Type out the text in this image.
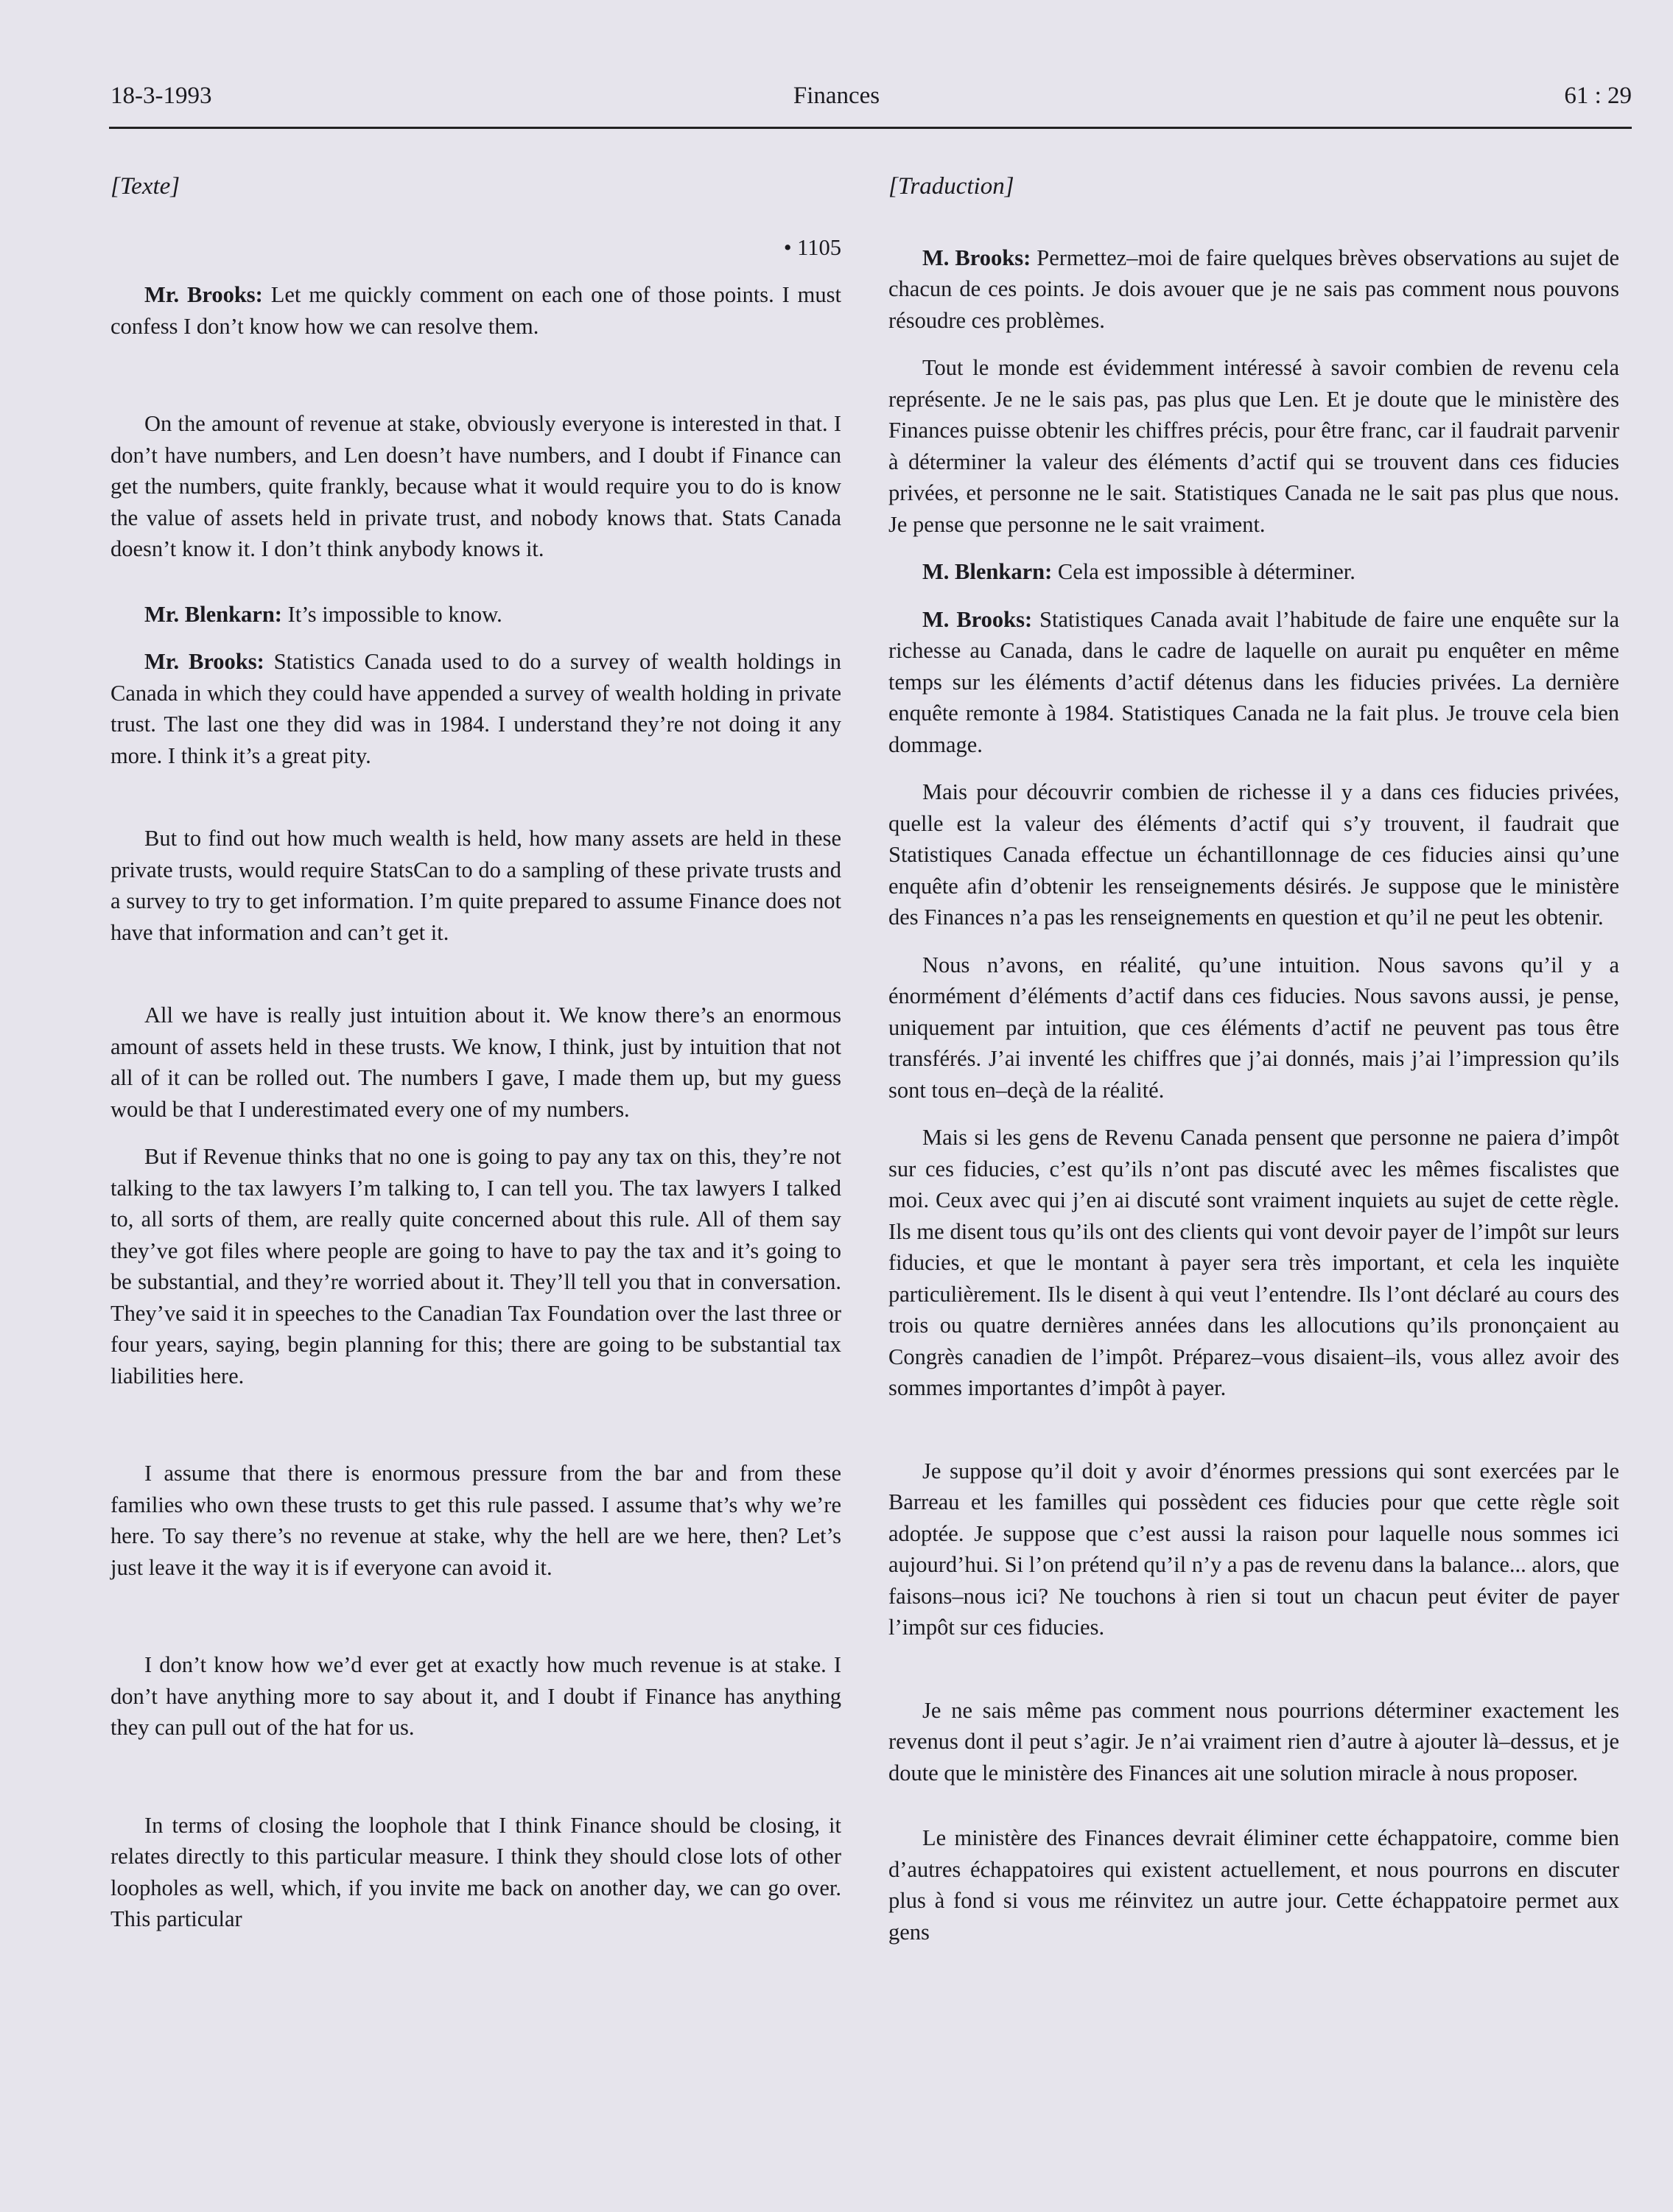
18-3-1993	Finances	61 : 29
[Texte]
• 1105

Mr. Brooks: Let me quickly comment on each one of those points. I must confess I don’t know how we can resolve them.

On the amount of revenue at stake, obviously everyone is interested in that. I don’t have numbers, and Len doesn’t have numbers, and I doubt if Finance can get the numbers, quite frankly, because what it would require you to do is know the value of assets held in private trust, and nobody knows that. Stats Canada doesn’t know it. I don’t think anybody knows it.

Mr. Blenkarn: It’s impossible to know.

Mr. Brooks: Statistics Canada used to do a survey of wealth holdings in Canada in which they could have appended a survey of wealth holding in private trust. The last one they did was in 1984. I understand they’re not doing it any more. I think it’s a great pity.

But to find out how much wealth is held, how many assets are held in these private trusts, would require StatsCan to do a sampling of these private trusts and a survey to try to get information. I’m quite prepared to assume Finance does not have that information and can’t get it.

All we have is really just intuition about it. We know there’s an enormous amount of assets held in these trusts. We know, I think, just by intuition that not all of it can be rolled out. The numbers I gave, I made them up, but my guess would be that I underestimated every one of my numbers.

But if Revenue thinks that no one is going to pay any tax on this, they’re not talking to the tax lawyers I’m talking to, I can tell you. The tax lawyers I talked to, all sorts of them, are really quite concerned about this rule. All of them say they’ve got files where people are going to have to pay the tax and it’s going to be substantial, and they’re worried about it. They’ll tell you that in conversation. They’ve said it in speeches to the Canadian Tax Foundation over the last three or four years, saying, begin planning for this; there are going to be substantial tax liabilities here.

I assume that there is enormous pressure from the bar and from these families who own these trusts to get this rule passed. I assume that’s why we’re here. To say there’s no revenue at stake, why the hell are we here, then? Let’s just leave it the way it is if everyone can avoid it.

I don’t know how we’d ever get at exactly how much revenue is at stake. I don’t have anything more to say about it, and I doubt if Finance has anything they can pull out of the hat for us.

In terms of closing the loophole that I think Finance should be closing, it relates directly to this particular measure. I think they should close lots of other loopholes as well, which, if you invite me back on another day, we can go over. This particular

[Traduction]

M. Brooks: Permettez–moi de faire quelques brèves observations au sujet de chacun de ces points. Je dois avouer que je ne sais pas comment nous pouvons résoudre ces problèmes.

Tout le monde est évidemment intéressé à savoir combien de revenu cela représente. Je ne le sais pas, pas plus que Len. Et je doute que le ministère des Finances puisse obtenir les chiffres précis, pour être franc, car il faudrait parvenir à déterminer la valeur des éléments d’actif qui se trouvent dans ces fiducies privées, et personne ne le sait. Statistiques Canada ne le sait pas plus que nous. Je pense que personne ne le sait vraiment.

M. Blenkarn: Cela est impossible à déterminer.

M. Brooks: Statistiques Canada avait l’habitude de faire une enquête sur la richesse au Canada, dans le cadre de laquelle on aurait pu enquêter en même temps sur les éléments d’actif détenus dans les fiducies privées. La dernière enquête remonte à 1984. Statistiques Canada ne la fait plus. Je trouve cela bien dommage.

Mais pour découvrir combien de richesse il y a dans ces fiducies privées, quelle est la valeur des éléments d’actif qui s’y trouvent, il faudrait que Statistiques Canada effectue un échantillonnage de ces fiducies ainsi qu’une enquête afin d’obtenir les renseignements désirés. Je suppose que le ministère des Finances n’a pas les renseignements en question et qu’il ne peut les obtenir.

Nous n’avons, en réalité, qu’une intuition. Nous savons qu’il y a énormément d’éléments d’actif dans ces fiducies. Nous savons aussi, je pense, uniquement par intuition, que ces éléments d’actif ne peuvent pas tous être transférés. J’ai inventé les chiffres que j’ai donnés, mais j’ai l’impression qu’ils sont tous en–deçà de la réalité.

Mais si les gens de Revenu Canada pensent que personne ne paiera d’impôt sur ces fiducies, c’est qu’ils n’ont pas discuté avec les mêmes fiscalistes que moi. Ceux avec qui j’en ai discuté sont vraiment inquiets au sujet de cette règle. Ils me disent tous qu’ils ont des clients qui vont devoir payer de l’impôt sur leurs fiducies, et que le montant à payer sera très important, et cela les inquiète particulièrement. Ils le disent à qui veut l’entendre. Ils l’ont déclaré au cours des trois ou quatre dernières années dans les allocutions qu’ils prononçaient au Congrès canadien de l’impôt. Préparez–vous disaient–ils, vous allez avoir des sommes importantes d’impôt à payer.

Je suppose qu’il doit y avoir d’énormes pressions qui sont exercées par le Barreau et les familles qui possèdent ces fiducies pour que cette règle soit adoptée. Je suppose que c’est aussi la raison pour laquelle nous sommes ici aujourd’hui. Si l’on prétend qu’il n’y a pas de revenu dans la balance... alors, que faisons–nous ici? Ne touchons à rien si tout un chacun peut éviter de payer l’impôt sur ces fiducies.

Je ne sais même pas comment nous pourrions déterminer exactement les revenus dont il peut s’agir. Je n’ai vraiment rien d’autre à ajouter là–dessus, et je doute que le ministère des Finances ait une solution miracle à nous proposer.

Le ministère des Finances devrait éliminer cette échappatoire, comme bien d’autres échappatoires qui existent actuellement, et nous pourrons en discuter plus à fond si vous me réinvitez un autre jour. Cette échappatoire permet aux gens
